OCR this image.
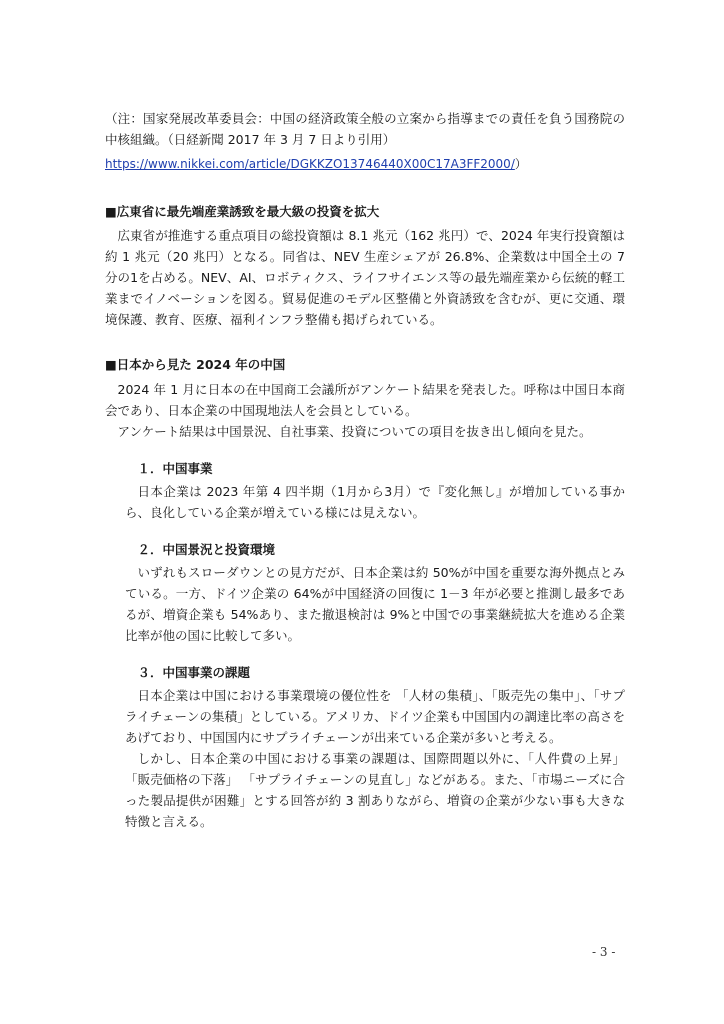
（注：国家発展改革委員会：中国の経済政策全般の立案から指導までの責任を負う国務院の中核組織。（日経新聞 2017 年 3 月 7 日より引用）

https://www.nikkei.com/article/DGKKZO13746440X00C17A3FF2000/）

■広東省に最先端産業誘致を最大級の投資を拡大

広東省が推進する重点項目の総投資額は 8.1 兆元（162 兆円）で、2024 年実行投資額は約 1 兆元（20 兆円）となる。同省は、NEV 生産シェアが 26.8%、企業数は中国全土の 7 分の1を占める。NEV、AI、ロボティクス、ライフサイエンス等の最先端産業から伝統的軽工業までイノベーションを図る。貿易促進のモデル区整備と外資誘致を含むが、更に交通、環境保護、教育、医療、福利インフラ整備も掲げられている。

■日本から見た 2024 年の中国

2024 年 1 月に日本の在中国商工会議所がアンケート結果を発表した。呼称は中国日本商会であり、日本企業の中国現地法人を会員としている。

アンケート結果は中国景況、自社事業、投資についての項目を抜き出し傾向を見た。

１．中国事業

日本企業は 2023 年第 4 四半期（1月から3月）で『変化無し』が増加している事から、良化している企業が増えている様には見えない。

２．中国景況と投資環境

いずれもスローダウンとの見方だが、日本企業は約 50%が中国を重要な海外拠点とみている。一方、ドイツ企業の 64%が中国経済の回復に 1－3 年が必要と推測し最多であるが、増資企業も 54%あり、また撤退検討は 9%と中国での事業継続拡大を進める企業比率が他の国に比較して多い。

３．中国事業の課題

日本企業は中国における事業環境の優位性を 「人材の集積」、「販売先の集中」、「サプライチェーンの集積」としている。アメリカ、ドイツ企業も中国国内の調達比率の高さをあげており、中国国内にサプライチェーンが出来ている企業が多いと考える。

しかし、日本企業の中国における事業の課題は、国際問題以外に、「人件費の上昇」 「販売価格の下落」 「サプライチェーンの見直し」などがある。また、「市場ニーズに合った製品提供が困難」とする回答が約 3 割ありながら、増資の企業が少ない事も大きな特徴と言える。

- 3 -
